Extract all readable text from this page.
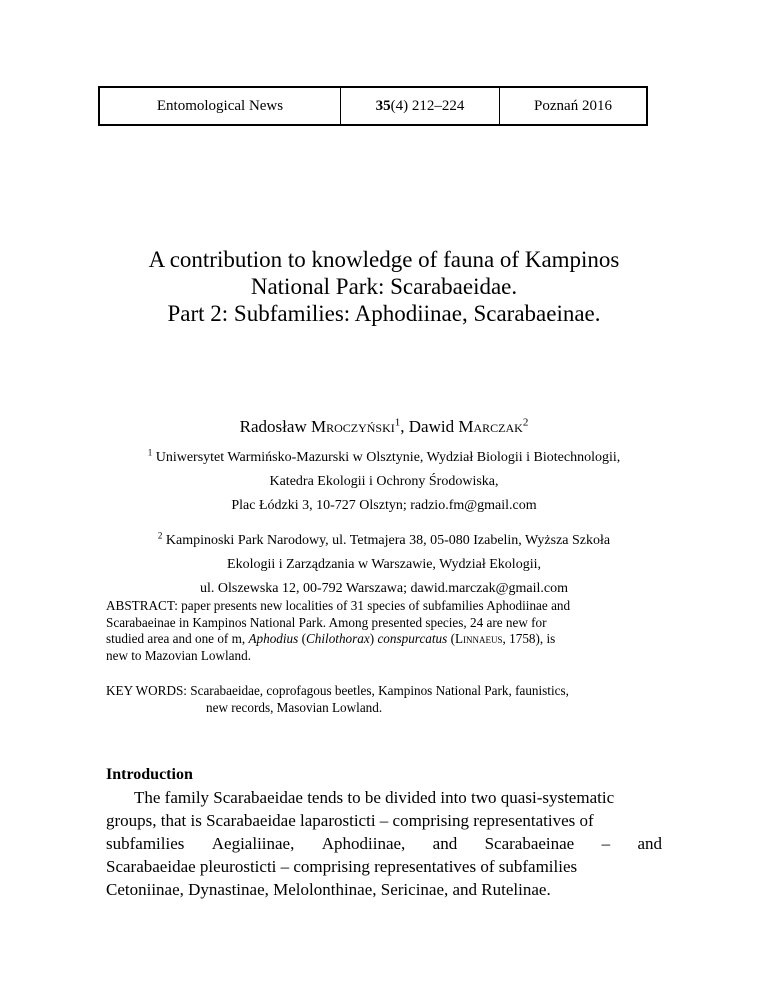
Entomological News	35 (4) 212–224	Poznań 2016
A contribution to knowledge of fauna of Kampinos
National Park: Scarabaeidae.
Part 2: Subfamilies: Aphodiinae, Scarabaeinae.
Radosław Mroczyński$^1$, Dawid Marczak$^2$
$^1$ Uniwersytet Warmińsko-Mazurski w Olsztynie, Wydział Biologii i Biotechnologii,
Katedra Ekologii i Ochrony Środowiska,
Plac Łódzki 3, 10-727 Olsztyn; radzio.fm@gmail.com
$^2$ Kampinoski Park Narodowy, ul. Tetmajera 38, 05-080 Izabelin, Wyższa Szkoła
Ekologii i Zarządzania w Warszawie, Wydział Ekologii,
ul. Olszewska 12, 00-792 Warszawa; dawid.marczak@gmail.com
ABSTRACT: paper presents new localities of 31 species of subfamilies Aphodiinae and
Scarabaeinae in Kampinos National Park. Among presented species, 24 are new for
studied area and one of m, Aphodius (Chilothorax) conspurcatus (Linnaeus, 1758), is
new to Mazovian Lowland.
KEY WORDS: Scarabaeidae, coprofagous beetles, Kampinos National Park, faunistics,
new records, Masovian Lowland.
Introduction
The family Scarabaeidae tends to be divided into two quasi-systematic
groups, that is Scarabaeidae laparosticti – comprising representatives of
subfamilies Aegialiinae, Aphodiinae, and Scarabaeinae – and
Scarabaeidae pleurosticti – comprising representatives of subfamilies
Cetoniinae, Dynastinae, Melolonthinae, Sericinae, and Rutelinae.
